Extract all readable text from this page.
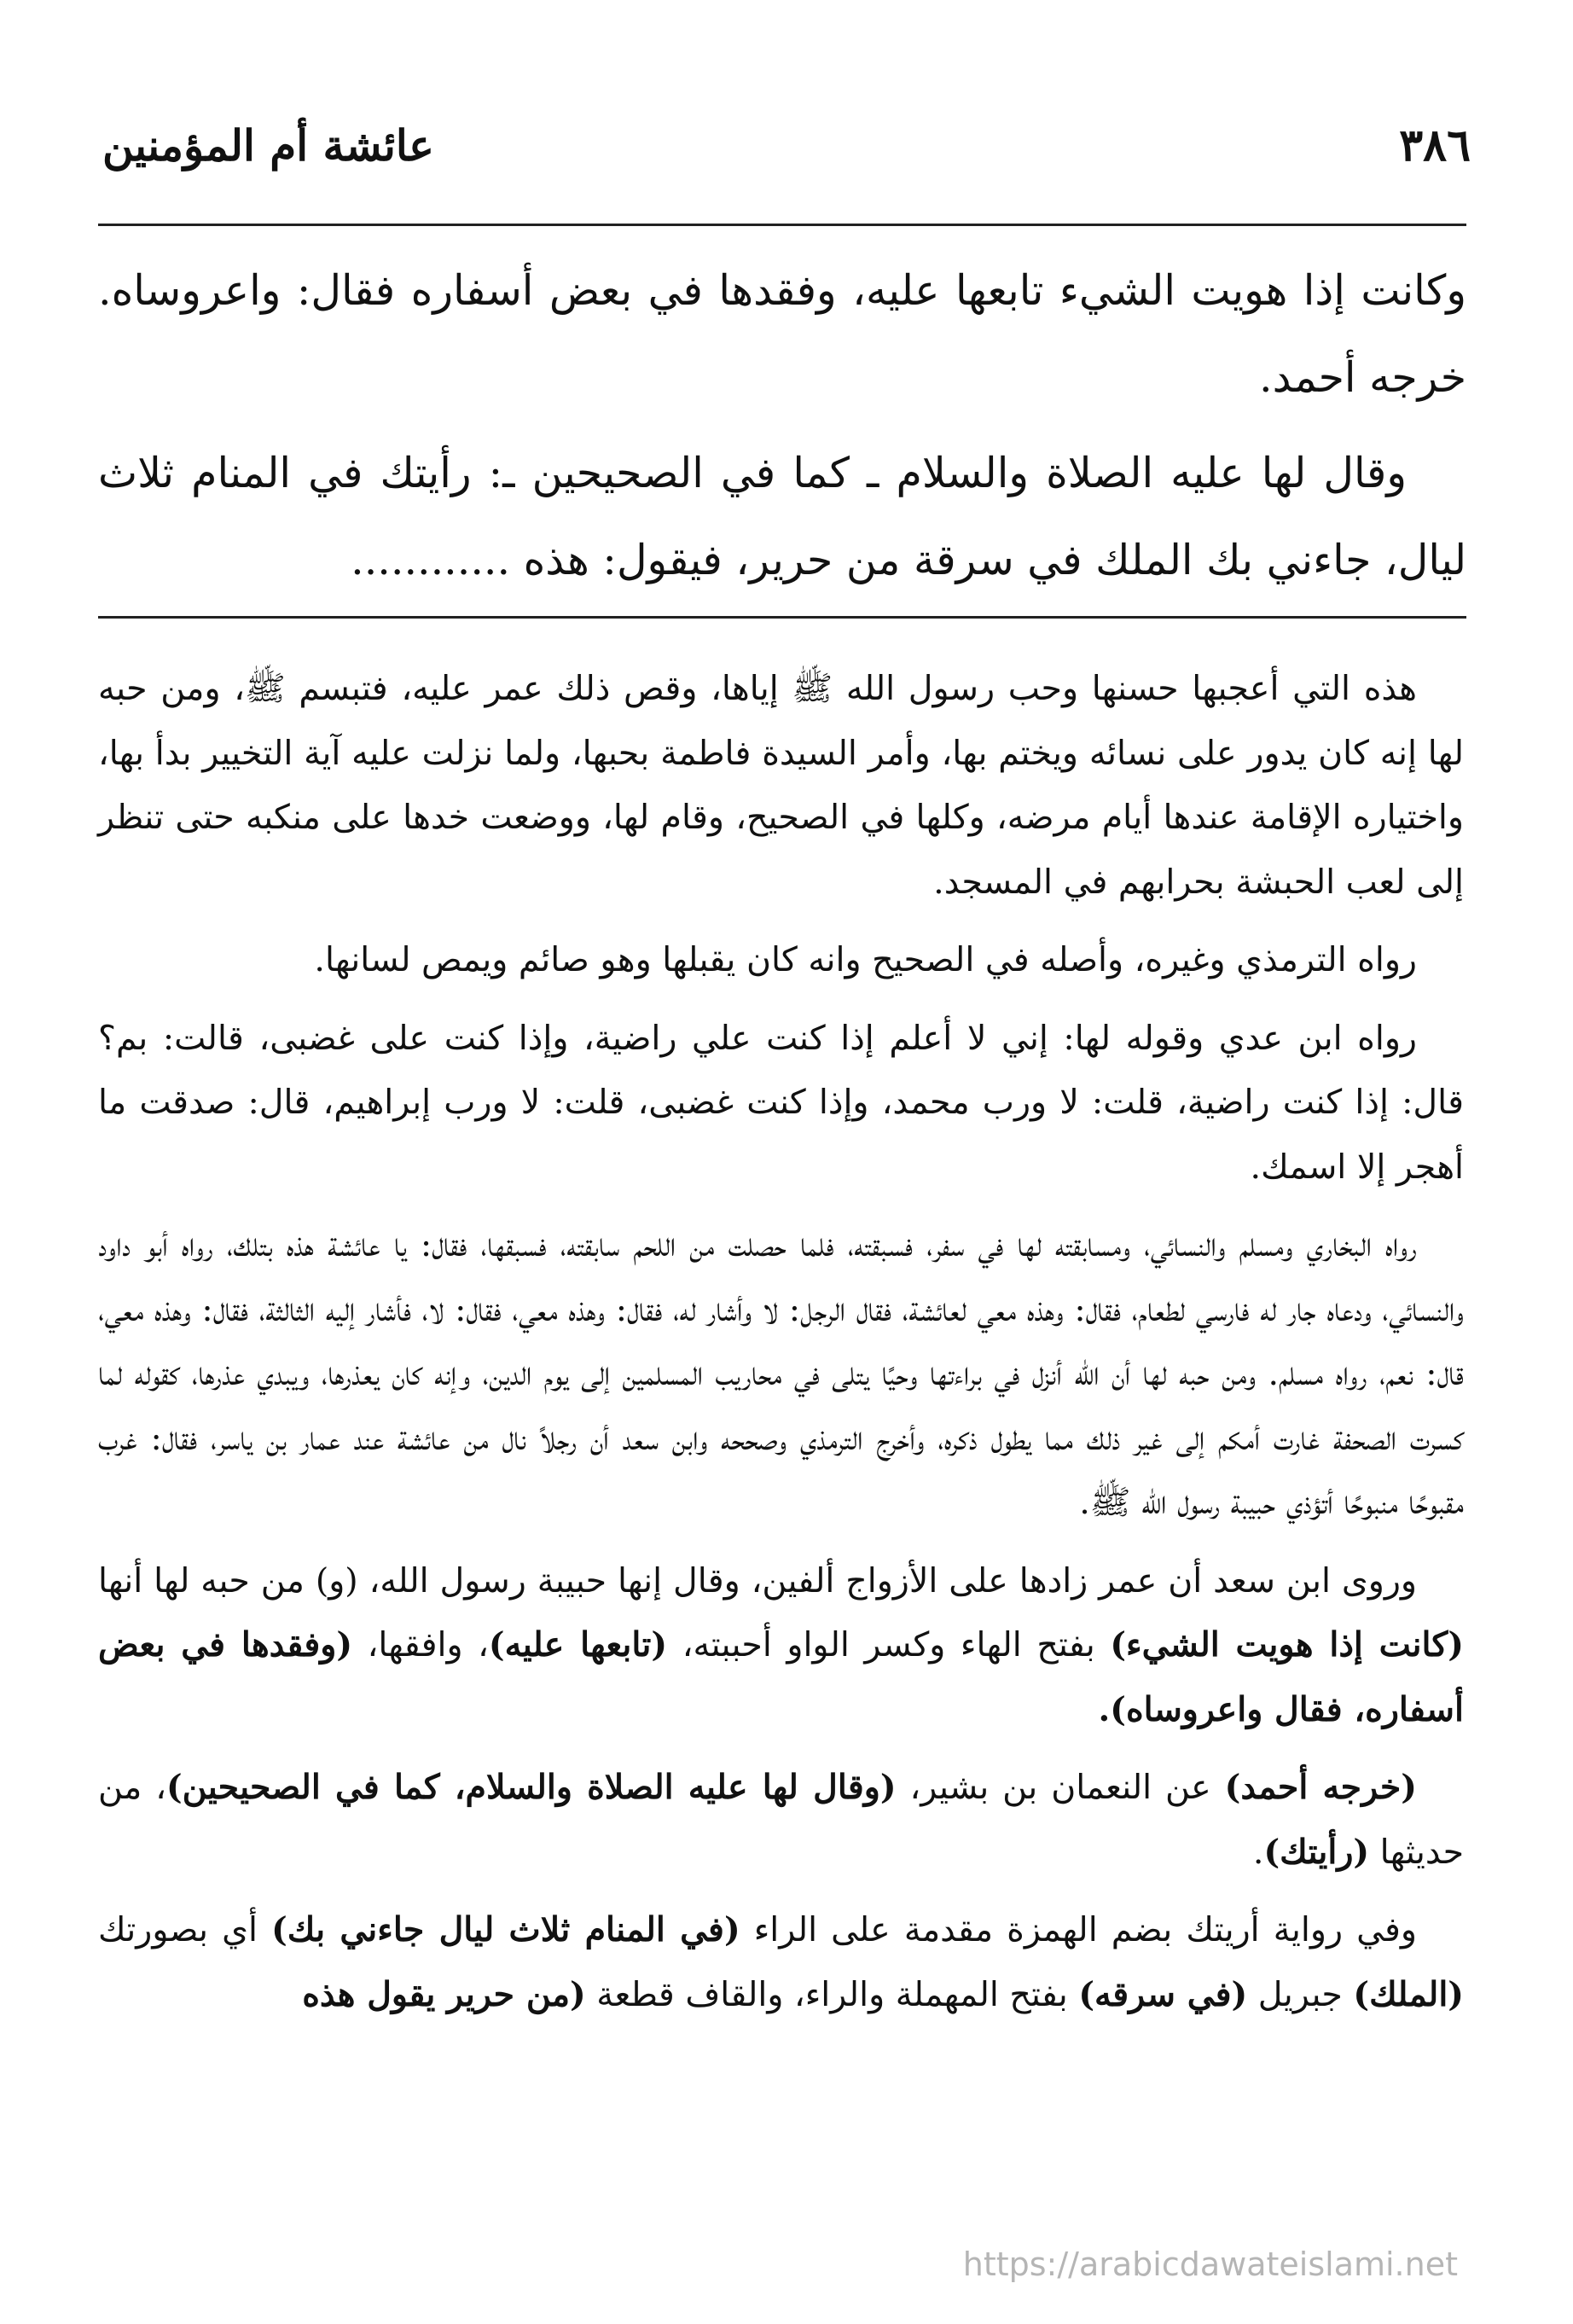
٣٨٦
عائشة أم المؤمنين

وكانت إذا هويت الشيء تابعها عليه، وفقدها في بعض أسفاره فقال: واعروساه. خرجه أحمد.

وقال لها عليه الصلاة والسلام ـ كما في الصحيحين ـ: رأيتك في المنام ثلاث ليال، جاءني بك الملك في سرقة من حرير، فيقول: هذه ............

هذه التي أعجبها حسنها وحب رسول الله ﷺ إياها، وقص ذلك عمر عليه، فتبسم ﷺ، ومن حبه لها إنه كان يدور على نسائه ويختم بها، وأمر السيدة فاطمة بحبها، ولما نزلت عليه آية التخيير بدأ بها، واختياره الإقامة عندها أيام مرضه، وكلها في الصحيح، وقام لها، ووضعت خدها على منكبه حتى تنظر إلى لعب الحبشة بحرابهم في المسجد.

رواه الترمذي وغيره، وأصله في الصحيح وانه كان يقبلها وهو صائم ويمص لسانها.

رواه ابن عدي وقوله لها: إني لا أعلم إذا كنت علي راضية، وإذا كنت على غضبى، قالت: بم؟ قال: إذا كنت راضية، قلت: لا ورب محمد، وإذا كنت غضبى، قلت: لا ورب إبراهيم، قال: صدقت ما أهجر إلا اسمك.

رواه البخاري ومسلم والنسائي، ومسابقته لها في سفر، فسبقته، فلما حصلت من اللحم سابقته، فسبقها، فقال: يا عائشة هذه بتلك، رواه أبو داود والنسائي، ودعاه جار له فارسي لطعام، فقال: وهذه معي لعائشة، فقال الرجل: لا وأشار له، فقال: وهذه معي، فقال: لا، فأشار إليه الثالثة، فقال: وهذه معي، قال: نعم، رواه مسلم. ومن حبه لها أن الله أنزل في براءتها وحيًا يتلى في محاريب المسلمين إلى يوم الدين، وإنه كان يعذرها، ويبدي عذرها، كقوله لما كسرت الصحفة غارت أمكم إلى غير ذلك مما يطول ذكره، وأخرج الترمذي وصححه وابن سعد أن رجلاً نال من عائشة عند عمار بن ياسر، فقال: غرب مقبوحًا منبوحًا أتؤذي حبيبة رسول الله ﷺ.

وروى ابن سعد أن عمر زادها على الأزواج ألفين، وقال إنها حبيبة رسول الله، (و) من حبه لها أنها (كانت إذا هويت الشيء) بفتح الهاء وكسر الواو أحببته، (تابعها عليه)، وافقها، (وفقدها في بعض أسفاره، فقال واعروساه).

(خرجه أحمد) عن النعمان بن بشير، (وقال لها عليه الصلاة والسلام، كما في الصحيحين)، من حديثها (رأيتك).

وفي رواية أريتك بضم الهمزة مقدمة على الراء (في المنام ثلاث ليال جاءني بك) أي بصورتك (الملك) جبريل (في سرقه) بفتح المهملة والراء، والقاف قطعة (من حرير يقول هذه

https://arabicdawateislami.net
